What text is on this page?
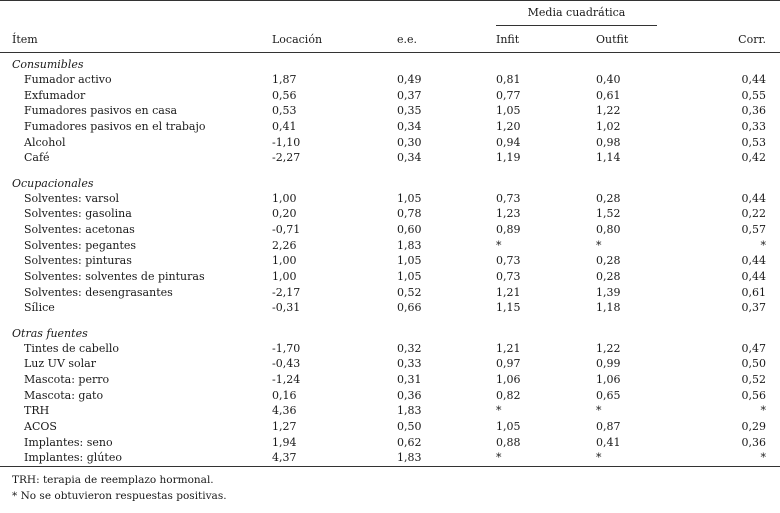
Media cuadrática
Ítem	Locación	e.e.	Infit	Outfit	Corr.
Consumibles
Fumador activo	1,87	0,49	0,81	0,40	0,44
Exfumador	0,56	0,37	0,77	0,61	0,55
Fumadores pasivos en casa	0,53	0,35	1,05	1,22	0,36
Fumadores pasivos en el trabajo	0,41	0,34	1,20	1,02	0,33
Alcohol	-1,10	0,30	0,94	0,98	0,53
Café	-2,27	0,34	1,19	1,14	0,42
Ocupacionales
Solventes: varsol	1,00	1,05	0,73	0,28	0,44
Solventes: gasolina	0,20	0,78	1,23	1,52	0,22
Solventes: acetonas	-0,71	0,60	0,89	0,80	0,57
Solventes: pegantes	2,26	1,83	*	*	*
Solventes: pinturas	1,00	1,05	0,73	0,28	0,44
Solventes: solventes de pinturas	1,00	1,05	0,73	0,28	0,44
Solventes: desengrasantes	-2,17	0,52	1,21	1,39	0,61
Sílice	-0,31	0,66	1,15	1,18	0,37
Otras fuentes
Tintes de cabello	-1,70	0,32	1,21	1,22	0,47
Luz UV solar	-0,43	0,33	0,97	0,99	0,50
Mascota: perro	-1,24	0,31	1,06	1,06	0,52
Mascota: gato	0,16	0,36	0,82	0,65	0,56
TRH	4,36	1,83	*	*	*
ACOS	1,27	0,50	1,05	0,87	0,29
Implantes: seno	1,94	0,62	0,88	0,41	0,36
Implantes: glúteo	4,37	1,83	*	*	*
TRH: terapia de reemplazo hormonal.
* No se obtuvieron respuestas positivas.
